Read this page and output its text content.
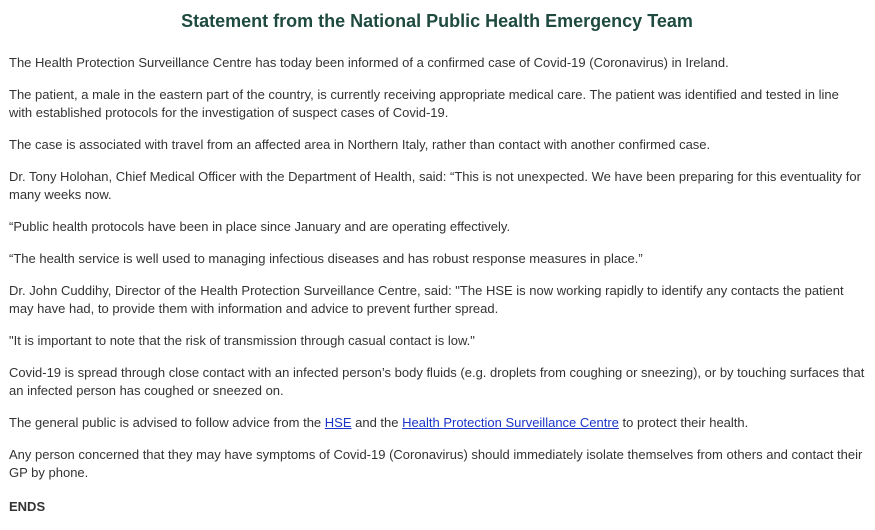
Statement from the National Public Health Emergency Team

The Health Protection Surveillance Centre has today been informed of a confirmed case of Covid-19 (Coronavirus) in Ireland.

The patient, a male in the eastern part of the country, is currently receiving appropriate medical care. The patient was identified and tested in line with established protocols for the investigation of suspect cases of Covid-19.

The case is associated with travel from an affected area in Northern Italy, rather than contact with another confirmed case.

Dr. Tony Holohan, Chief Medical Officer with the Department of Health, said: “This is not unexpected. We have been preparing for this eventuality for many weeks now.

“Public health protocols have been in place since January and are operating effectively.

“The health service is well used to managing infectious diseases and has robust response measures in place.”

Dr. John Cuddihy, Director of the Health Protection Surveillance Centre, said: "The HSE is now working rapidly to identify any contacts the patient may have had, to provide them with information and advice to prevent further spread.

"It is important to note that the risk of transmission through casual contact is low."

Covid-19 is spread through close contact with an infected person’s body fluids (e.g. droplets from coughing or sneezing), or by touching surfaces that an infected person has coughed or sneezed on.

The general public is advised to follow advice from the HSE and the Health Protection Surveillance Centre to protect their health.

Any person concerned that they may have symptoms of Covid-19 (Coronavirus) should immediately isolate themselves from others and contact their GP by phone.

ENDS
